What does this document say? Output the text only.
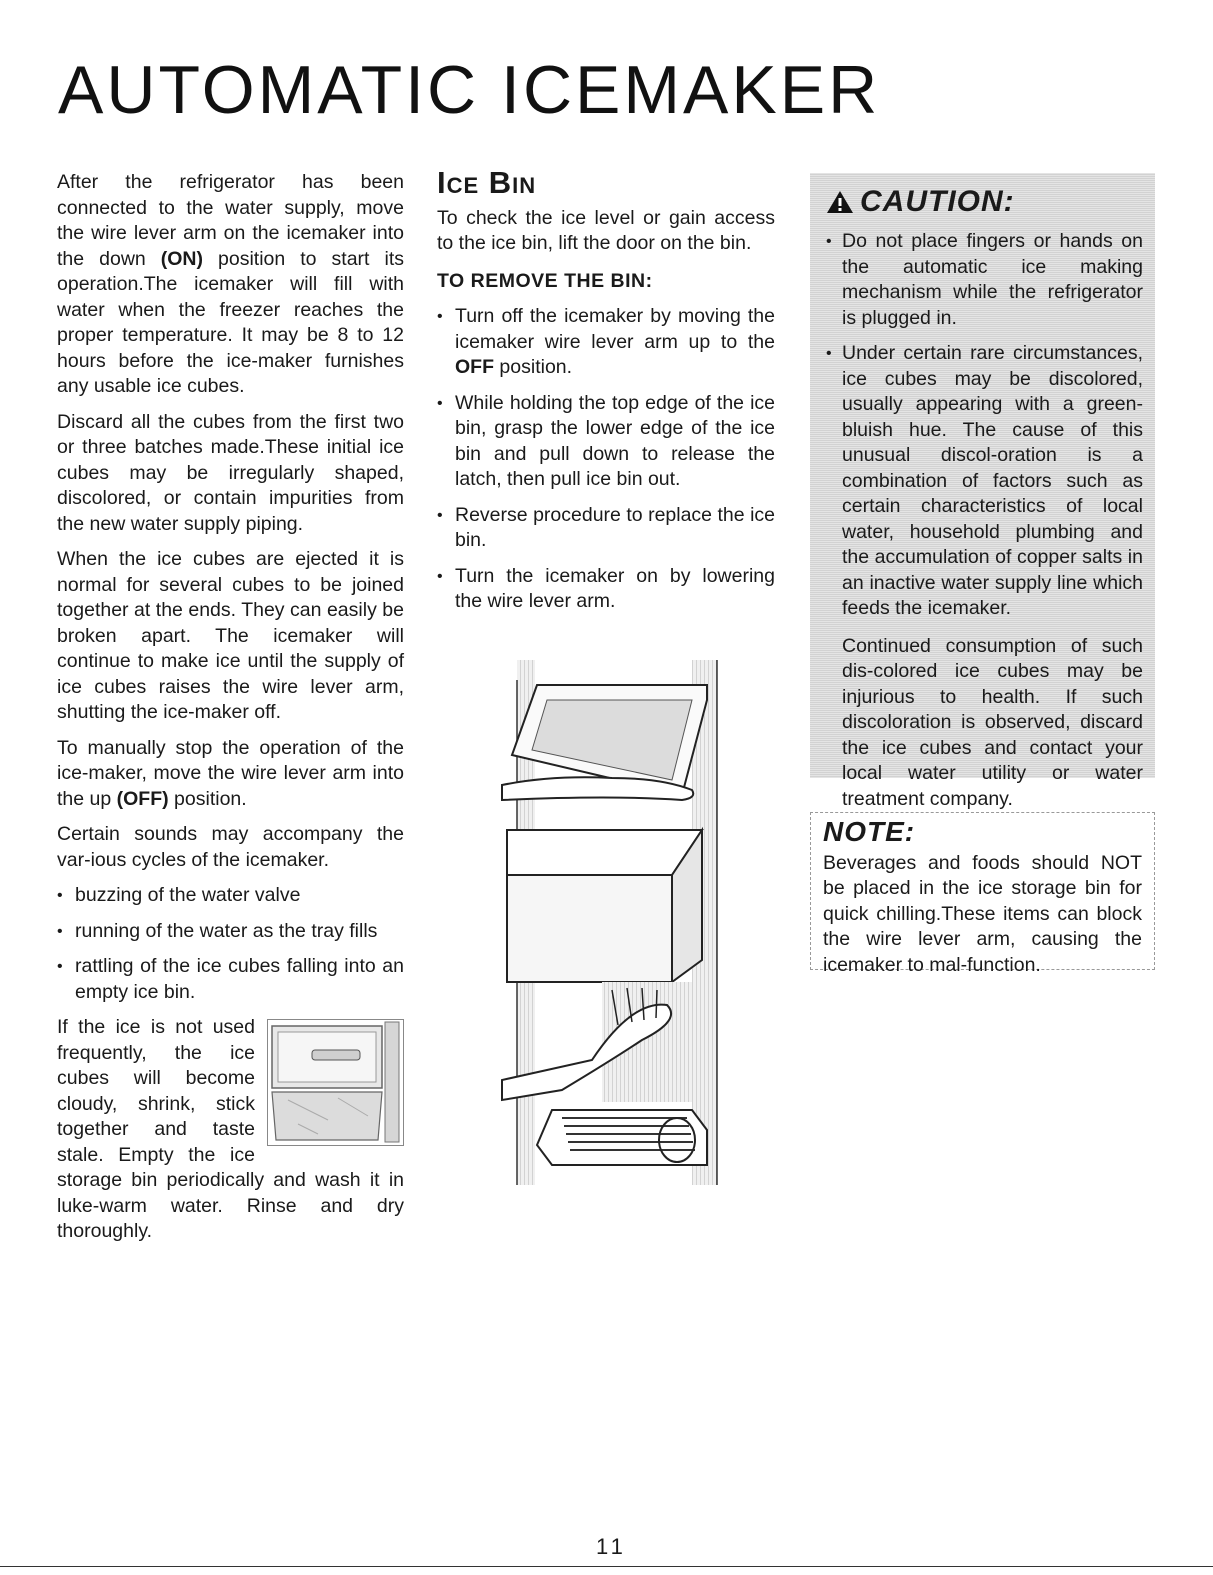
AUTOMATIC ICEMAKER

After the refrigerator has been connected to the water supply, move the wire lever arm on the icemaker into the down (ON) position to start its operation.The icemaker will fill with water when the freezer reaches the proper temperature. It may be 8 to 12 hours before the ice-maker furnishes any usable ice cubes.

Discard all the cubes from the first two or three batches made.These initial ice cubes may be irregularly shaped, discolored, or contain impurities from the new water supply piping.

When the ice cubes are ejected it is normal for several cubes to be joined together at the ends. They can easily be broken apart. The icemaker will continue to make ice until the supply of ice cubes raises the wire lever arm, shutting the ice-maker off.

To manually stop the operation of the ice-maker, move the wire lever arm into the up (OFF) position.

Certain sounds may accompany the var-ious cycles of the icemaker.

• buzzing of the water valve
• running of the water as the tray fills
• rattling of the ice cubes falling into an empty ice bin.

If the ice is not used frequently, the ice cubes will become cloudy, shrink, stick together and taste stale. Empty the ice storage bin periodically and wash it in luke-warm water. Rinse and dry thoroughly.

Ice Bin

To check the ice level or gain access to the ice bin, lift the door on the bin.

TO REMOVE THE BIN:
• Turn off the icemaker by moving the icemaker wire lever arm up to the OFF position.
• While holding the top edge of the ice bin, grasp the lower edge of the ice bin and pull down to release the latch, then pull ice bin out.
• Reverse procedure to replace the ice bin.
• Turn the icemaker on by lowering the wire lever arm.
CAUTION:
• Do not place fingers or hands on the automatic ice making mechanism while the refrigerator is plugged in.

• Under certain rare circumstances, ice cubes may be discolored, usually appearing with a green-bluish hue. The cause of this unusual discol-oration is a combination of factors such as certain characteristics of local water, household plumbing and the accumulation of copper salts in an inactive water supply line which feeds the icemaker.

Continued consumption of such dis-colored ice cubes may be injurious to health. If such discoloration is observed, discard the ice cubes and contact your local water utility or water treatment company.

NOTE:

Beverages and foods should NOT be placed in the ice storage bin for quick chilling.These items can block the wire lever arm, causing the icemaker to mal-function.

11
